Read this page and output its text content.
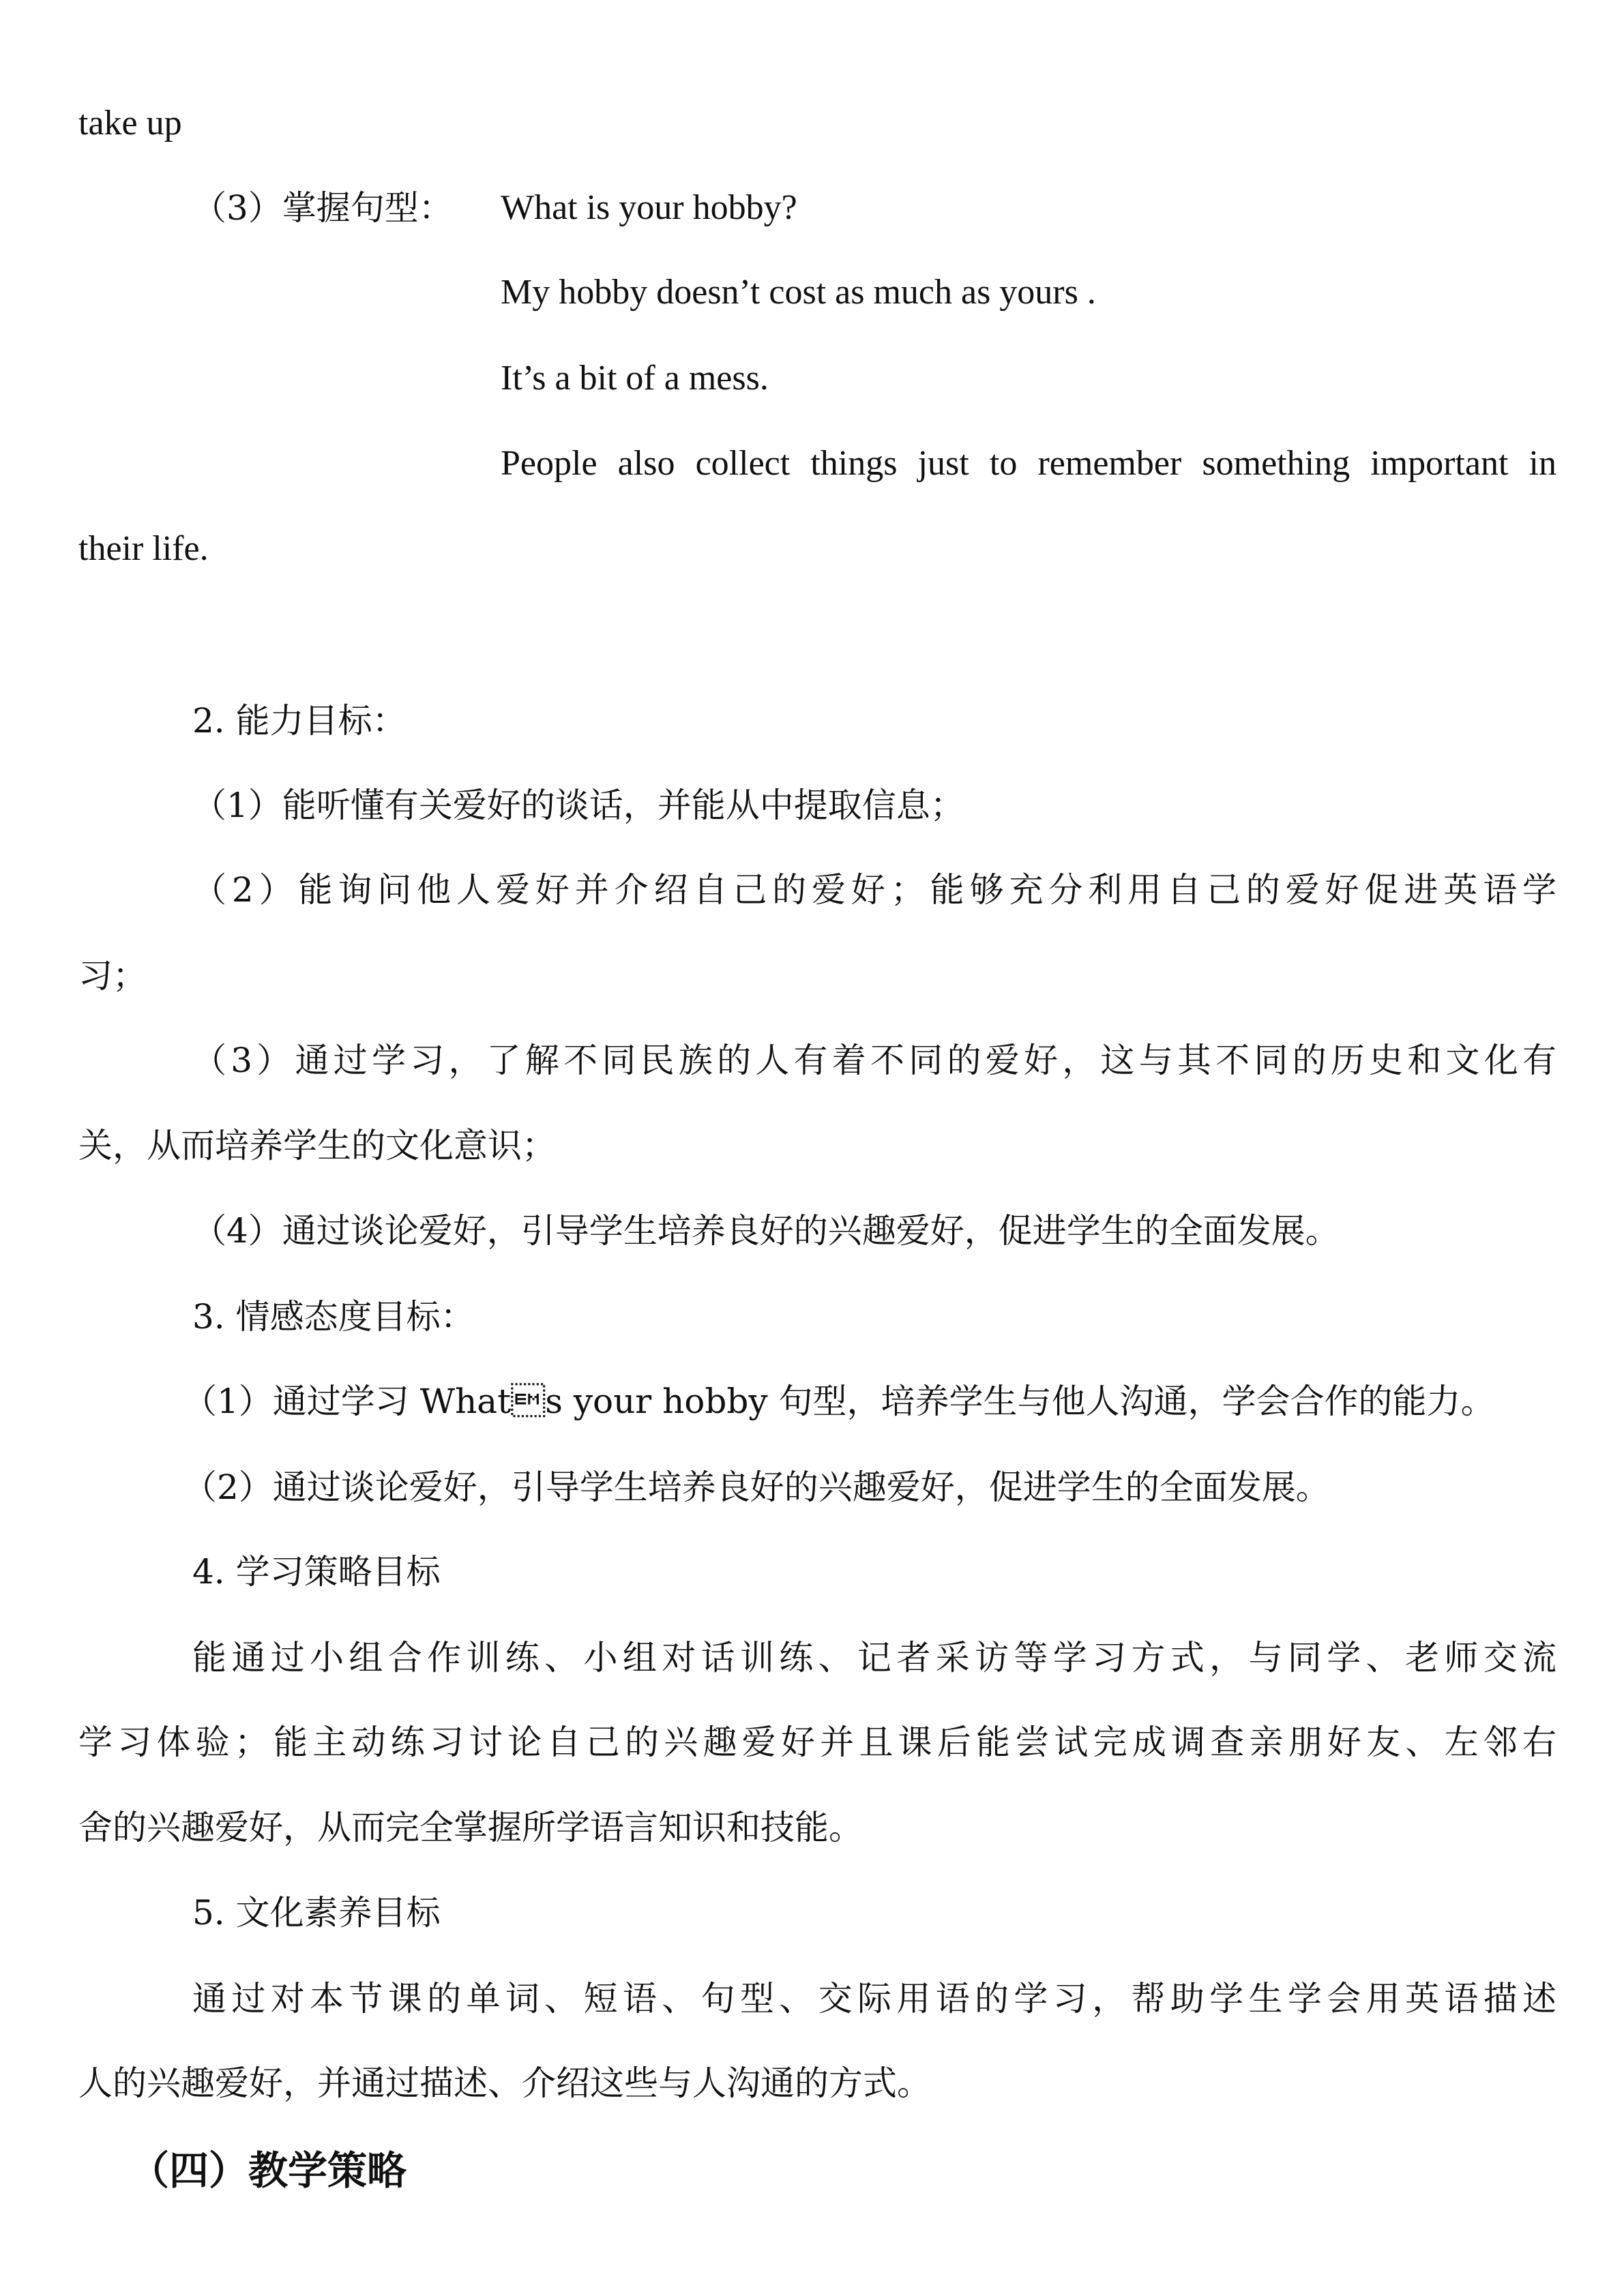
take up
（3）掌握句型： What is your hobby?
My hobby doesn’t cost as much as yours .
It’s a bit of a mess.
People also collect things just to remember something important in
their life.
2. 能力目标：
（1）能听懂有关爱好的谈话，并能从中提取信息；
（2）能询问他人爱好并介绍自己的爱好；能够充分利用自己的爱好促进英语学
习；
（3）通过学习，了解不同民族的人有着不同的爱好，这与其不同的历史和文化有
关，从而培养学生的文化意识；
（4）通过谈论爱好，引导学生培养良好的兴趣爱好，促进学生的全面发展。
3. 情感态度目标：
（1）通过学习 Whats your hobby 句型，培养学生与他人沟通，学会合作的能力。
（2）通过谈论爱好，引导学生培养良好的兴趣爱好，促进学生的全面发展。
4. 学习策略目标
能通过小组合作训练、小组对话训练、记者采访等学习方式，与同学、老师交流
学习体验；能主动练习讨论自己的兴趣爱好并且课后能尝试完成调查亲朋好友、左邻右
舍的兴趣爱好，从而完全掌握所学语言知识和技能。
5. 文化素养目标
通过对本节课的单词、短语、句型、交际用语的学习，帮助学生学会用英语描述
人的兴趣爱好，并通过描述、介绍这些与人沟通的方式。
（四）教学策略
